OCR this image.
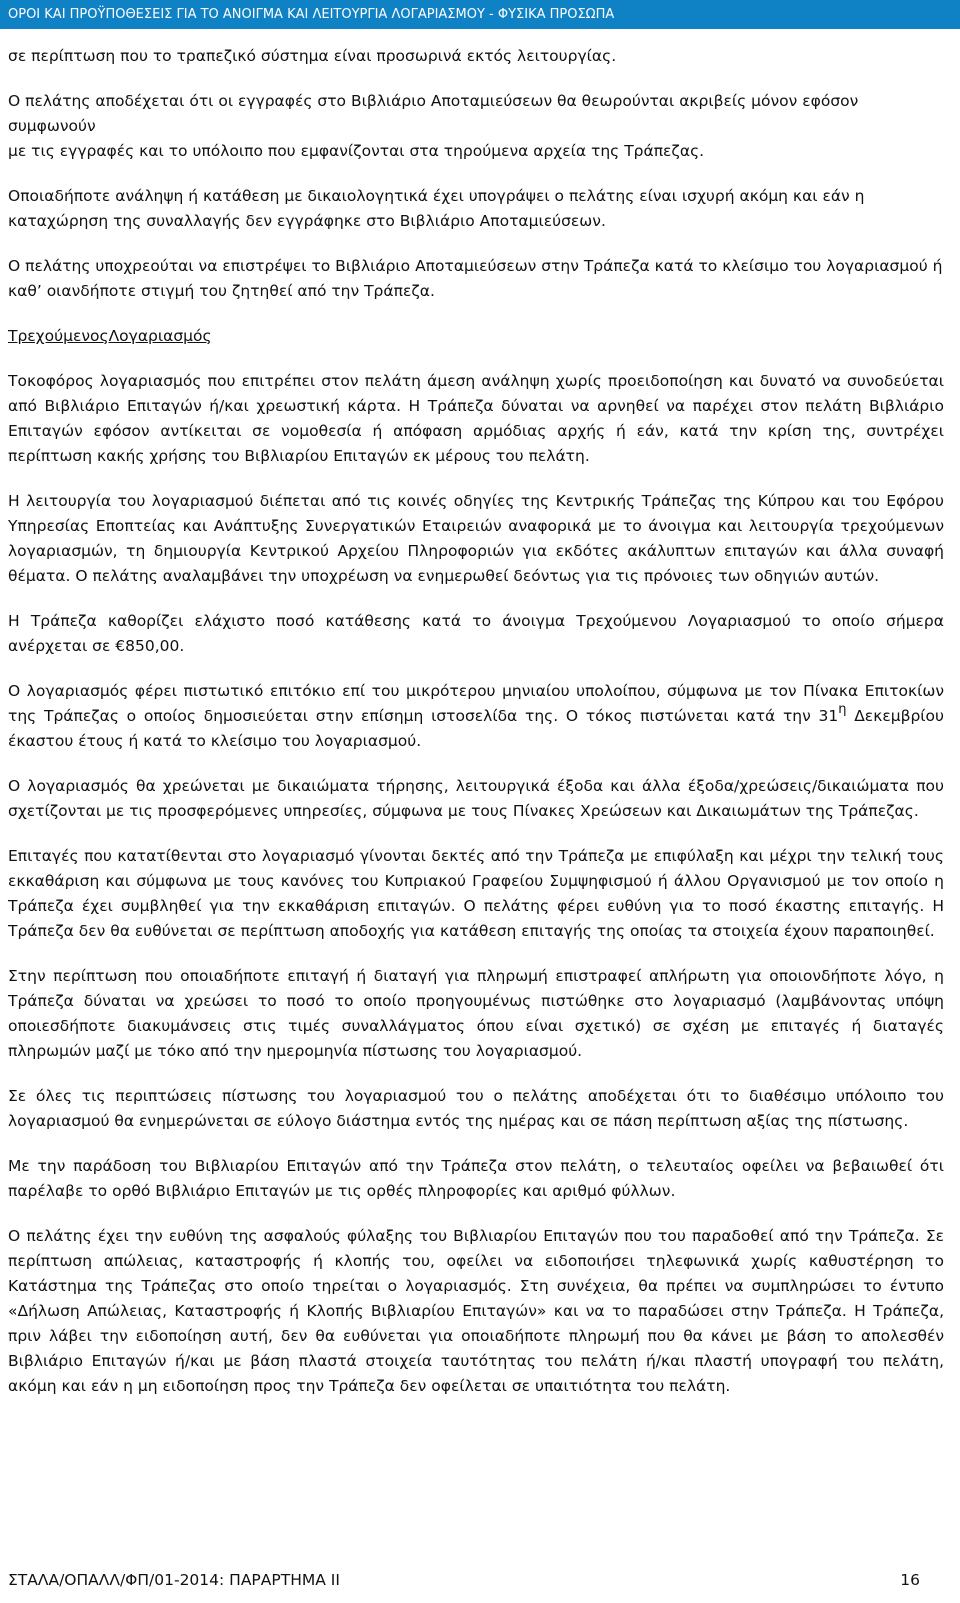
ΟΡΟΙ ΚΑΙ ΠΡΟΫΠΟΘΕΣΕΙΣ ΓΙΑ ΤΟ ΑΝΟΙΓΜΑ ΚΑΙ ΛΕΙΤΟΥΡΓΙΑ ΛΟΓΑΡΙΑΣΜΟΥ - ΦΥΣΙΚΑ ΠΡΟΣΩΠΑ

σε περίπτωση που το τραπεζικό σύστημα είναι προσωρινά εκτός λειτουργίας.

Ο πελάτης αποδέχεται ότι οι εγγραφές στο Βιβλιάριο Αποταμιεύσεων θα θεωρούνται ακριβείς μόνον εφόσον συμφωνούν
με τις εγγραφές και το υπόλοιπο που εμφανίζονται στα τηρούμενα αρχεία της Τράπεζας.

Οποιαδήποτε ανάληψη ή κατάθεση με δικαιολογητικά έχει υπογράψει ο πελάτης είναι ισχυρή ακόμη και εάν η καταχώρηση της συναλλαγής δεν εγγράφηκε στο Βιβλιάριο Αποταμιεύσεων.

Ο πελάτης υποχρεούται να επιστρέψει το Βιβλιάριο Αποταμιεύσεων στην Τράπεζα κατά το κλείσιμο του λογαριασμού ή καθ’ οιανδήποτε στιγμή του ζητηθεί από την Τράπεζα.

ΤρεχούμενοςΛογαριασμός

Τοκοφόρος λογαριασμός που επιτρέπει στον πελάτη άμεση ανάληψη χωρίς προειδοποίηση και δυνατό να συνοδεύεται από Βιβλιάριο Επιταγών ή/και χρεωστική κάρτα. Η Τράπεζα δύναται να αρνηθεί να παρέχει στον πελάτη Βιβλιάριο Επιταγών εφόσον αντίκειται σε νομοθεσία ή απόφαση αρμόδιας αρχής ή εάν, κατά την κρίση της, συντρέχει περίπτωση κακής χρήσης του Βιβλιαρίου Επιταγών εκ μέρους του πελάτη.

Η λειτουργία του λογαριασμού διέπεται από τις κοινές οδηγίες της Κεντρικής Τράπεζας της Κύπρου και του Εφόρου Υπηρεσίας Εποπτείας και Ανάπτυξης Συνεργατικών Εταιρειών αναφορικά με το άνοιγμα και λειτουργία τρεχούμενων λογαριασμών, τη δημιουργία Κεντρικού Αρχείου Πληροφοριών για εκδότες ακάλυπτων επιταγών και άλλα συναφή θέματα. Ο πελάτης αναλαμβάνει την υποχρέωση να ενημερωθεί δεόντως για τις πρόνοιες των οδηγιών αυτών.

Η Τράπεζα καθορίζει ελάχιστο ποσό κατάθεσης κατά το άνοιγμα Τρεχούμενου Λογαριασμού το οποίο σήμερα ανέρχεται σε €850,00.

Ο λογαριασμός φέρει πιστωτικό επιτόκιο επί του μικρότερου μηνιαίου υπολοίπου, σύμφωνα με τον Πίνακα Επιτοκίων της Τράπεζας ο οποίος δημοσιεύεται στην επίσημη ιστοσελίδα της. Ο τόκος πιστώνεται κατά την $31^\eta$ Δεκεμβρίου έκαστου έτους ή κατά το κλείσιμο του λογαριασμού.

Ο λογαριασμός θα χρεώνεται με δικαιώματα τήρησης, λειτουργικά έξοδα και άλλα έξοδα/χρεώσεις/δικαιώματα που σχετίζονται με τις προσφερόμενες υπηρεσίες, σύμφωνα με τους Πίνακες Χρεώσεων και Δικαιωμάτων της Τράπεζας.

Επιταγές που κατατίθενται στο λογαριασμό γίνονται δεκτές από την Τράπεζα με επιφύλαξη και μέχρι την τελική τους εκκαθάριση και σύμφωνα με τους κανόνες του Κυπριακού Γραφείου Συμψηφισμού ή άλλου Οργανισμού με τον οποίο η Τράπεζα έχει συμβληθεί για την εκκαθάριση επιταγών. Ο πελάτης φέρει ευθύνη για το ποσό έκαστης επιταγής. Η Τράπεζα δεν θα ευθύνεται σε περίπτωση αποδοχής για κατάθεση επιταγής της οποίας τα στοιχεία έχουν παραποιηθεί.

Στην περίπτωση που οποιαδήποτε επιταγή ή διαταγή για πληρωμή επιστραφεί απλήρωτη για οποιονδήποτε λόγο, η Τράπεζα δύναται να χρεώσει το ποσό το οποίο προηγουμένως πιστώθηκε στο λογαριασμό (λαμβάνοντας υπόψη οποιεσδήποτε διακυμάνσεις στις τιμές συναλλάγματος όπου είναι σχετικό) σε σχέση με επιταγές ή διαταγές πληρωμών μαζί με τόκο από την ημερομηνία πίστωσης του λογαριασμού.

Σε όλες τις περιπτώσεις πίστωσης του λογαριασμού του ο πελάτης αποδέχεται ότι το διαθέσιμο υπόλοιπο του λογαριασμού θα ενημερώνεται σε εύλογο διάστημα εντός της ημέρας και σε πάση περίπτωση αξίας της πίστωσης.

Με την παράδοση του Βιβλιαρίου Επιταγών από την Τράπεζα στον πελάτη, ο τελευταίος οφείλει να βεβαιωθεί ότι παρέλαβε το ορθό Βιβλιάριο Επιταγών με τις ορθές πληροφορίες και αριθμό φύλλων.

Ο πελάτης έχει την ευθύνη της ασφαλούς φύλαξης του Βιβλιαρίου Επιταγών που του παραδοθεί από την Τράπεζα. Σε περίπτωση απώλειας, καταστροφής ή κλοπής του, οφείλει να ειδοποιήσει τηλεφωνικά χωρίς καθυστέρηση το Κατάστημα της Τράπεζας στο οποίο τηρείται ο λογαριασμός. Στη συνέχεια, θα πρέπει να συμπληρώσει το έντυπο «Δήλωση Απώλειας, Καταστροφής ή Κλοπής Βιβλιαρίου Επιταγών» και να το παραδώσει στην Τράπεζα. Η Τράπεζα, πριν λάβει την ειδοποίηση αυτή, δεν θα ευθύνεται για οποιαδήποτε πληρωμή που θα κάνει με βάση το απολεσθέν Βιβλιάριο Επιταγών ή/και με βάση πλαστά στοιχεία ταυτότητας του πελάτη ή/και πλαστή υπογραφή του πελάτη, ακόμη και εάν η μη ειδοποίηση προς την Τράπεζα δεν οφείλεται σε υπαιτιότητα του πελάτη.

ΣΤΑΛΑ/ΟΠΑΛΛ/ΦΠ/01-2014: ΠΑΡΑΡΤΗΜΑ ΙΙ	16
